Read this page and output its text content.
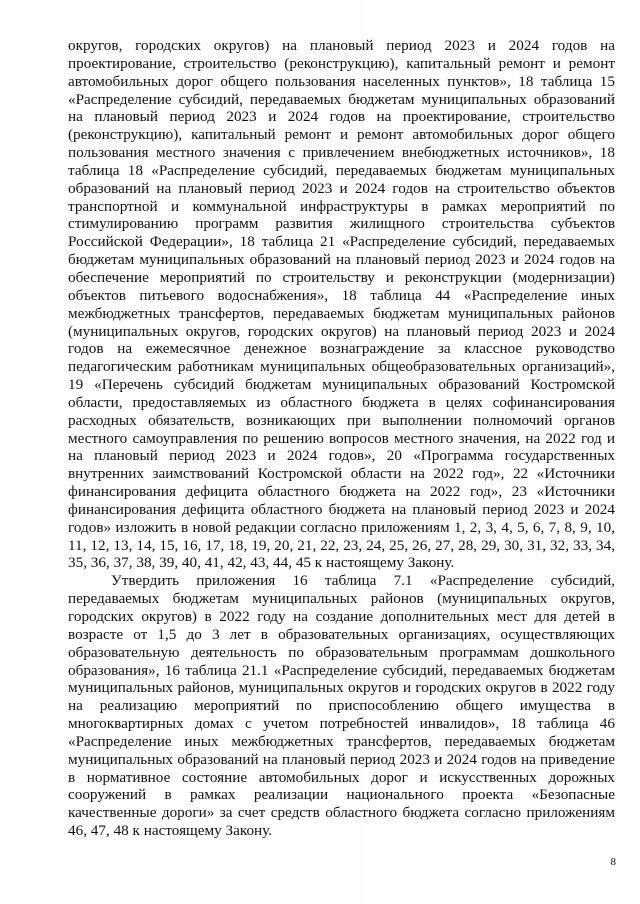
округов, городских округов) на плановый период 2023 и 2024 годов на проектирование, строительство (реконструкцию), капитальный ремонт и ремонт автомобильных дорог общего пользования населенных пунктов», 18 таблица 15 «Распределение субсидий, передаваемых бюджетам муниципальных образований на плановый период 2023 и 2024 годов на проектирование, строительство (реконструкцию), капитальный ремонт и ремонт автомобильных дорог общего пользования местного значения с привлечением внебюджетных источников», 18 таблица 18 «Распределение субсидий, передаваемых бюджетам муниципальных образований на плановый период 2023 и 2024 годов на строительство объектов транспортной и коммунальной инфраструктуры в рамках мероприятий по стимулированию программ развития жилищного строительства субъектов Российской Федерации», 18 таблица 21 «Распределение субсидий, передаваемых бюджетам муниципальных образований на плановый период 2023 и 2024 годов на обеспечение мероприятий по строительству и реконструкции (модернизации) объектов питьевого водоснабжения», 18 таблица 44 «Распределение иных межбюджетных трансфертов, передаваемых бюджетам муниципальных районов (муниципальных округов, городских округов) на плановый период 2023 и 2024 годов на ежемесячное денежное вознаграждение за классное руководство педагогическим работникам муниципальных общеобразовательных организаций», 19 «Перечень субсидий бюджетам муниципальных образований Костромской области, предоставляемых из областного бюджета в целях софинансирования расходных обязательств, возникающих при выполнении полномочий органов местного самоуправления по решению вопросов местного значения, на 2022 год и на плановый период 2023 и 2024 годов», 20 «Программа государственных внутренних заимствований Костромской области на 2022 год», 22 «Источники финансирования дефицита областного бюджета на 2022 год», 23 «Источники финансирования дефицита областного бюджета на плановый период 2023 и 2024 годов» изложить в новой редакции согласно приложениям 1, 2, 3, 4, 5, 6, 7, 8, 9, 10, 11, 12, 13, 14, 15, 16, 17, 18, 19, 20, 21, 22, 23, 24, 25, 26, 27, 28, 29, 30, 31, 32, 33, 34, 35, 36, 37, 38, 39, 40, 41, 42, 43, 44, 45 к настоящему Закону.

Утвердить приложения 16 таблица 7.1 «Распределение субсидий, передаваемых бюджетам муниципальных районов (муниципальных округов, городских округов) в 2022 году на создание дополнительных мест для детей в возрасте от 1,5 до 3 лет в образовательных организациях, осуществляющих образовательную деятельность по образовательным программам дошкольного образования», 16 таблица 21.1 «Распределение субсидий, передаваемых бюджетам муниципальных районов, муниципальных округов и городских округов в 2022 году на реализацию мероприятий по приспособлению общего имущества в многоквартирных домах с учетом потребностей инвалидов», 18 таблица 46 «Распределение иных межбюджетных трансфертов, передаваемых бюджетам муниципальных образований на плановый период 2023 и 2024 годов на приведение в нормативное состояние автомобильных дорог и искусственных дорожных сооружений в рамках реализации национального проекта «Безопасные качественные дороги» за счет средств областного бюджета согласно приложениям 46, 47, 48 к настоящему Закону.

8
